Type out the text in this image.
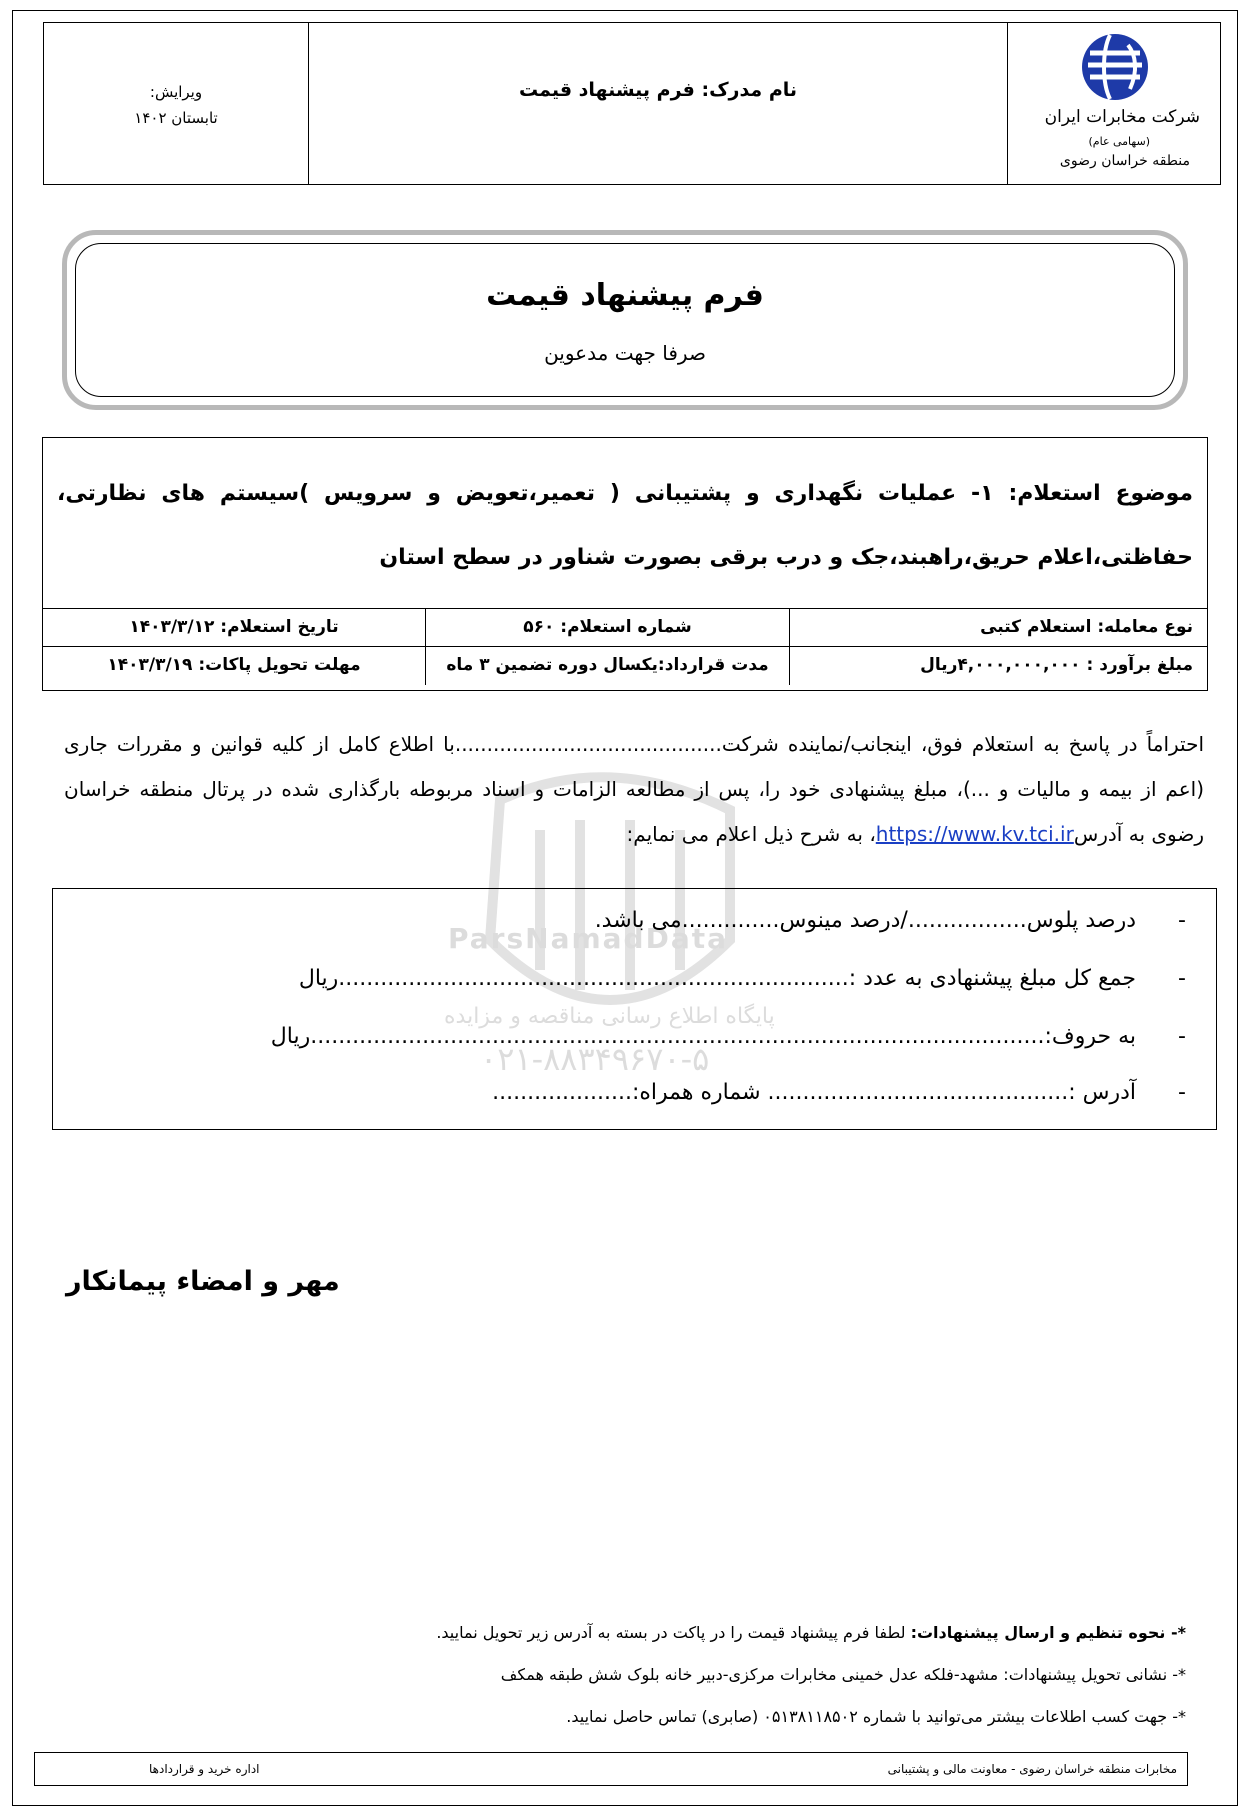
شرکت مخابرات ایران
(سهامی عام)
منطقه خراسان رضوی
نام مدرک: فرم پیشنهاد قیمت
ویرایش:
تابستان ۱۴۰۲
فرم پیشنهاد قیمت
صرفا جهت مدعوین
موضوع استعلام: ۱- عملیات نگهداری و پشتیبانی ( تعمیر،تعویض و سرویس )سیستم های نظارتی، حفاظتی،اعلام حریق،راهبند،جک و درب برقی بصورت شناور در سطح استان
نوع معامله: استعلام کتبی
شماره استعلام: ۵۶۰
تاریخ استعلام: ۱۴۰۳/۳/۱۲
مبلغ برآورد : ۴,۰۰۰,۰۰۰,۰۰۰ریال
مدت قرارداد:یکسال دوره تضمین ۳ ماه
مهلت تحویل پاکات: ۱۴۰۳/۳/۱۹
ParsNamadData
پایگاه اطلاع رسانی مناقصه و مزایده
۰۲۱-۸۸۳۴۹۶۷۰-۵
احتراماً در پاسخ به استعلام فوق، اینجانب/نماینده شرکت..........................................با اطلاع کامل از کلیه قوانین و مقررات جاری (اعم از بیمه و مالیات و ...)، مبلغ پیشنهادی خود را، پس از مطالعه الزامات و اسناد مربوطه بارگذاری شده در پرتال منطقه خراسان رضوی به آدرسhttps://www.kv.tci.ir، به شرح ذیل اعلام می نمایم:
-
درصد پلوس................./درصد مینوس..............می باشد.
-
جمع کل مبلغ پیشنهادی به عدد :.........................................................................ریال
-
به حروف:.........................................................................................................ریال
-
آدرس :........................................... شماره همراه:....................
مهر و امضاء پیمانکار
*- نحوه تنظیم و ارسال پیشنهادات: لطفا فرم پیشنهاد قیمت را در پاکت در بسته به آدرس زیر تحویل نمایید.
*- نشانی تحویل پیشنهادات: مشهد-فلکه عدل خمینی مخابرات مرکزی-دبیر خانه بلوک شش طبقه همکف
*- جهت کسب اطلاعات بیشتر می‌توانید با شماره ۰۵۱۳۸۱۱۸۵۰۲ (صابری) تماس حاصل نمایید.
مخابرات منطقه خراسان رضوی - معاونت مالی و پشتیبانی
اداره خرید و قراردادها
